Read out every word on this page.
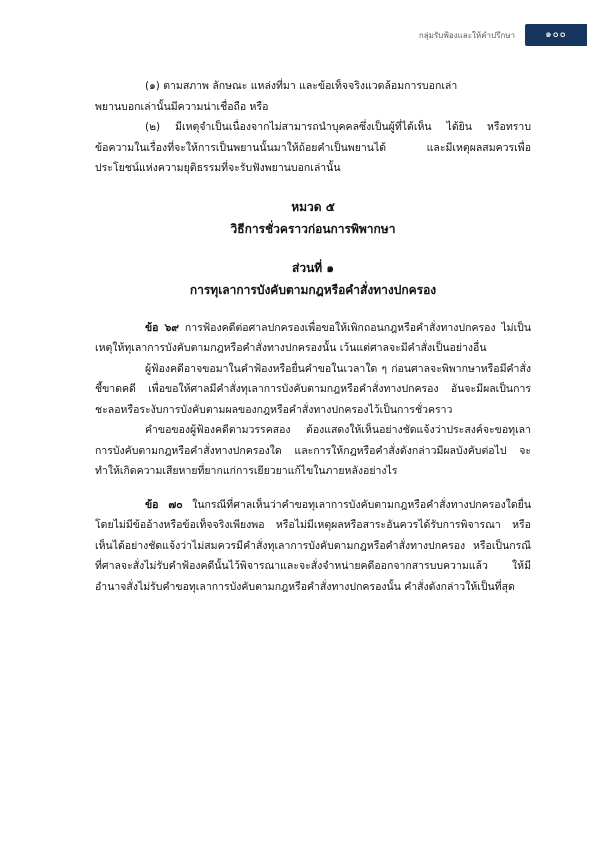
กลุ่มรับฟ้องและให้คำปรึกษา	๑๐๐

(๑) ตามสภาพ ลักษณะ แหล่งที่มา และข้อเท็จจริงแวดล้อมการบอกเล่า

พยานบอกเล่านั้นมีความน่าเชื่อถือ หรือ

(๒) มีเหตุจำเป็นเนื่องจากไม่สามารถนำบุคคลซึ่งเป็นผู้ที่ได้เห็น ได้ยิน หรือทราบข้อความในเรื่องที่จะให้การเป็นพยานนั้นมาให้ถ้อยคำเป็นพยานได้ และมีเหตุผลสมควรเพื่อประโยชน์แห่งความยุติธรรมที่จะรับฟังพยานบอกเล่านั้น

หมวด ๕

วิธีการชั่วคราวก่อนการพิพากษา

ส่วนที่ ๑

การทุเลาการบังคับตามกฎหรือคำสั่งทางปกครอง

ข้อ ๖๙ การฟ้องคดีต่อศาลปกครองเพื่อขอให้เพิกถอนกฎหรือคำสั่งทางปกครอง ไม่เป็นเหตุให้ทุเลาการบังคับตามกฎหรือคำสั่งทางปกครองนั้น เว้นแต่ศาลจะมีคำสั่งเป็นอย่างอื่น

ผู้ฟ้องคดีอาจขอมาในคำฟ้องหรือยื่นคำขอในเวลาใด ๆ ก่อนศาลจะพิพากษาหรือมีคำสั่งชี้ขาดคดี เพื่อขอให้ศาลมีคำสั่งทุเลาการบังคับตามกฎหรือคำสั่งทางปกครอง อันจะมีผลเป็นการชะลอหรือระงับการบังคับตามผลของกฎหรือคำสั่งทางปกครองไว้เป็นการชั่วคราว

คำขอของผู้ฟ้องคดีตามวรรคสอง ต้องแสดงให้เห็นอย่างชัดแจ้งว่าประสงค์จะขอทุเลาการบังคับตามกฎหรือคำสั่งทางปกครองใด และการให้กฎหรือคำสั่งดังกล่าวมีผลบังคับต่อไป จะทำให้เกิดความเสียหายที่ยากแก่การเยียวยาแก้ไขในภายหลังอย่างไร

ข้อ ๗๐ ในกรณีที่ศาลเห็นว่าคำขอทุเลาการบังคับตามกฎหรือคำสั่งทางปกครองใดยื่นโดยไม่มีข้ออ้างหรือข้อเท็จจริงเพียงพอ หรือไม่มีเหตุผลหรือสาระอันควรได้รับการพิจารณา หรือเห็นได้อย่างชัดแจ้งว่าไม่สมควรมีคำสั่งทุเลาการบังคับตามกฎหรือคำสั่งทางปกครอง หรือเป็นกรณีที่ศาลจะสั่งไม่รับคำฟ้องคดีนั้นไว้พิจารณาและจะสั่งจำหน่ายคดีออกจากสารบบความแล้ว ให้มีอำนาจสั่งไม่รับคำขอทุเลาการบังคับตามกฎหรือคำสั่งทางปกครองนั้น คำสั่งดังกล่าวให้เป็นที่สุด
